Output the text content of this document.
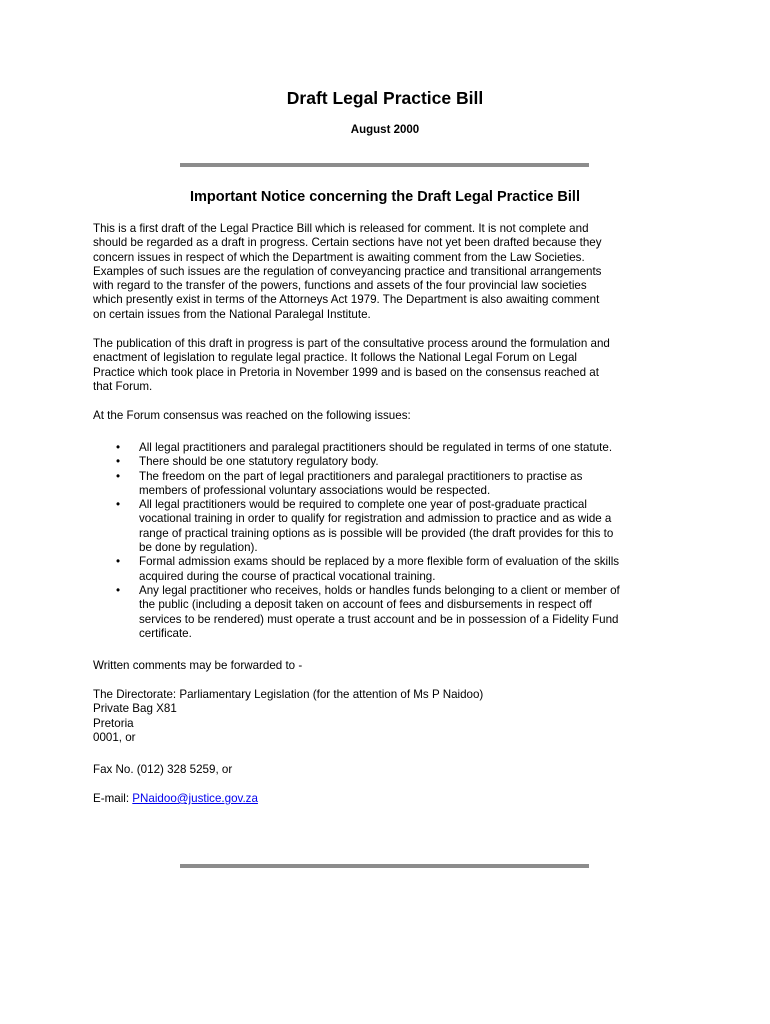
Draft Legal Practice Bill
August 2000
Important Notice concerning the Draft Legal Practice Bill
This is a first draft of the Legal Practice Bill which is released for comment. It is not complete and
should be regarded as a draft in progress. Certain sections have not yet been drafted because they
concern issues in respect of which the Department is awaiting comment from the Law Societies.
Examples of such issues are the regulation of conveyancing practice and transitional arrangements
with regard to the transfer of the powers, functions and assets of the four provincial law societies
which presently exist in terms of the Attorneys Act 1979. The Department is also awaiting comment
on certain issues from the National Paralegal Institute.
The publication of this draft in progress is part of the consultative process around the formulation and
enactment of legislation to regulate legal practice. It follows the National Legal Forum on Legal
Practice which took place in Pretoria in November 1999 and is based on the consensus reached at
that Forum.
At the Forum consensus was reached on the following issues:
• All legal practitioners and paralegal practitioners should be regulated in terms of one statute.
• There should be one statutory regulatory body.
• The freedom on the part of legal practitioners and paralegal practitioners to practise as
members of professional voluntary associations would be respected.
• All legal practitioners would be required to complete one year of post-graduate practical
vocational training in order to qualify for registration and admission to practice and as wide a
range of practical training options as is possible will be provided (the draft provides for this to
be done by regulation).
• Formal admission exams should be replaced by a more flexible form of evaluation of the skills
acquired during the course of practical vocational training.
• Any legal practitioner who receives, holds or handles funds belonging to a client or member of
the public (including a deposit taken on account of fees and disbursements in respect off
services to be rendered) must operate a trust account and be in possession of a Fidelity Fund
certificate.
Written comments may be forwarded to -
The Directorate: Parliamentary Legislation (for the attention of Ms P Naidoo)
Private Bag X81
Pretoria
0001, or
Fax No. (012) 328 5259, or
E-mail: PNaidoo@justice.gov.za
